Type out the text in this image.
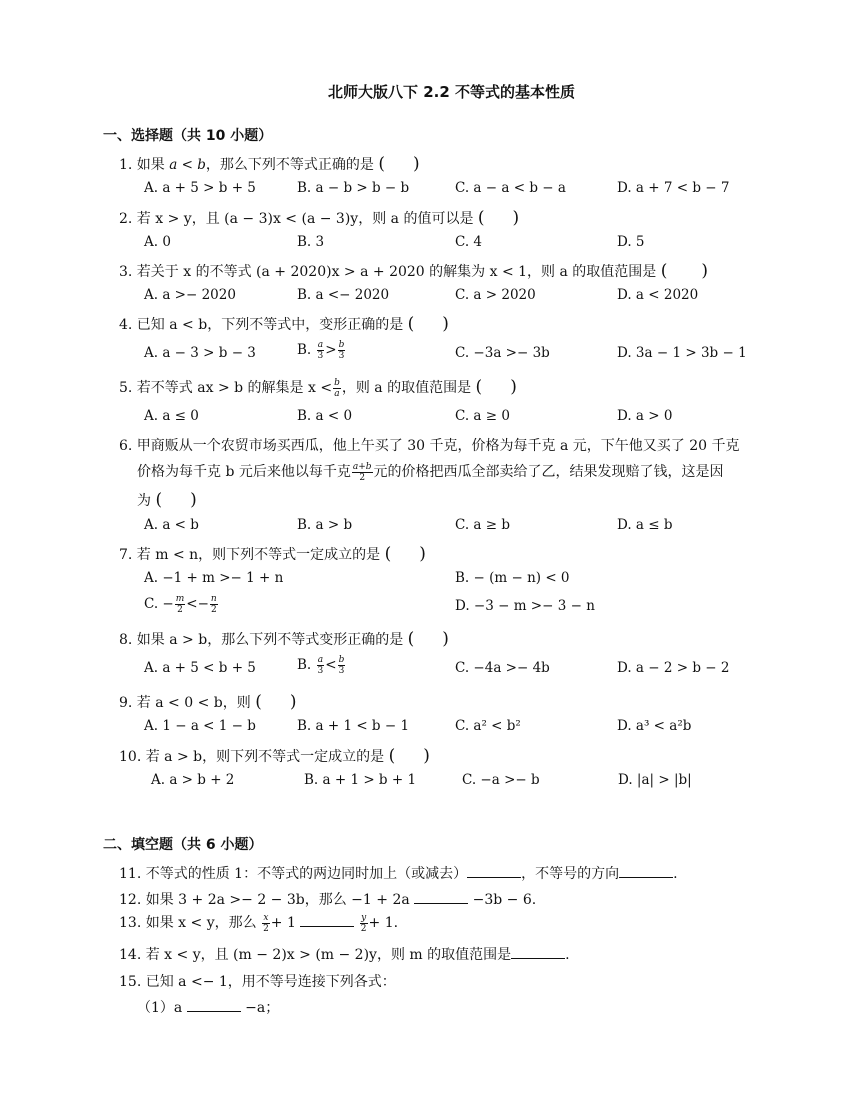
北师大版八下 2.2 不等式的基本性质
一、选择题（共 10 小题）
1. 如果 a < b，那么下列不等式正确的是 ( )
A. a + 5 > b + 5	B. a − b > b − b	C. a − a < b − a	D. a + 7 < b − 7
2. 若 x > y，且 (a − 3)x < (a − 3)y，则 a 的值可以是 ( )
A. 0	B. 3	C. 4	D. 5
3. 若关于 x 的不等式 (a + 2020)x > a + 2020 的解集为 x < 1，则 a 的取值范围是 ( )
A. a >− 2020	B. a <− 2020	C. a > 2020	D. a < 2020
4. 已知 a < b，下列不等式中，变形正确的是 ( )
A. a − 3 > b − 3	B. $\frac{a}{3} > \frac{b}{3}$	C. −3a >− 3b	D. 3a − 1 > 3b − 1
5. 若不等式 ax > b 的解集是 $x < \frac{b}{a}$ ，则 a 的取值范围是 ( )
A. a ≤ 0	B. a < 0	C. a ≥ 0	D. a > 0
6. 甲商贩从一个农贸市场买西瓜，他上午买了 30 千克，价格为每千克 a 元，下午他又买了 20 千克
价格为每千克 b 元后来他以每千克 $\frac{a+b}{2}$ 元的价格把西瓜全部卖给了乙，结果发现赔了钱，这是因
为 ( )
A. a < b	B. a > b	C. a ≥ b	D. a ≤ b
7. 若 m < n，则下列不等式一定成立的是 ( )
A. −1 + m >− 1 + n	B. − (m − n) < 0
C. − $\frac{m}{2} <- \frac{n}{2}$	D. −3 − m >− 3 − n
8. 如果 a > b，那么下列不等式变形正确的是 ( )
A. a + 5 < b + 5	B. $\frac{a}{3} < \frac{b}{3}$	C. −4a >− 4b	D. a − 2 > b − 2
9. 若 a < 0 < b，则 ( )
A. 1 − a < 1 − b	B. a + 1 < b − 1	C. a² < b²	D. a³ < a²b
10. 若 a > b，则下列不等式一定成立的是 ( )
A. a > b + 2	B. a + 1 > b + 1	C. −a >− b	D. |a| > |b|
二、填空题（共 6 小题）
11. 不等式的性质 1：不等式的两边同时加上（或减去）	，不等号的方向	.
12. 如果 3 + 2a >− 2 − 3b，那么 −1 + 2a	−3b − 6.
13. 如果 x < y，那么 $\frac{x}{2} + 1$	$\frac{y}{2} + 1$.
14. 若 x < y，且 (m − 2)x > (m − 2)y，则 m 的取值范围是	.
15. 已知 a <− 1，用不等号连接下列各式：
（1）a	−a；
